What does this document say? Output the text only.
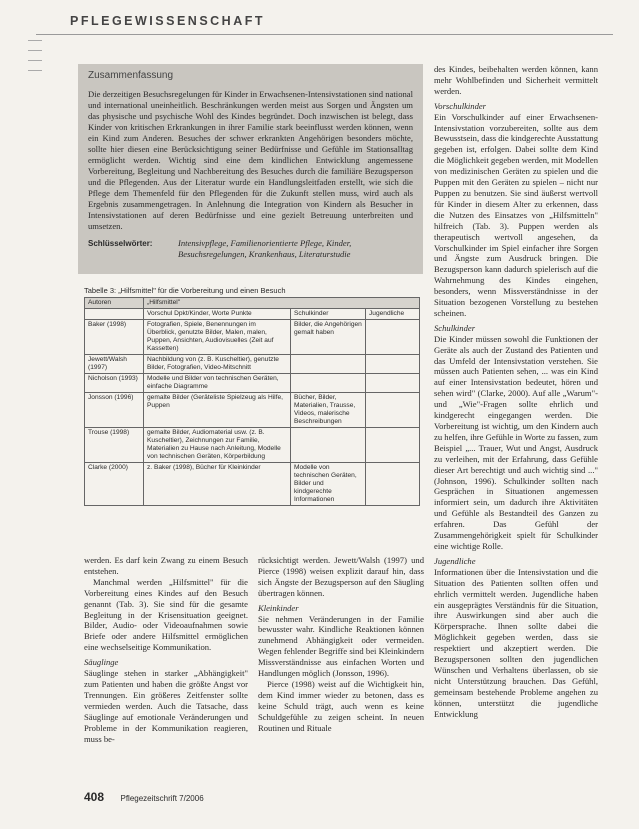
PFLEGEWISSENSCHAFT
Zusammenfassung

Die derzeitigen Besuchsregelungen für Kinder in Erwachsenen-Intensivstationen sind national und international uneinheitlich. Beschränkungen werden meist aus Sorgen und Ängsten um das physische und psychische Wohl des Kindes begründet. Doch inzwischen ist belegt, dass Kinder von kritischen Erkrankungen in ihrer Familie stark beeinflusst werden können, wenn ein Kind zum Anderen. Besuches der schwer erkrankten Angehörigen besonders möchte, sollte hier diesen eine Berücksichtigung seiner Bedürfnisse und Gefühle im Stationsalltag ermöglicht werden. Wichtig sind eine dem kindlichen Entwicklung angemessene Vorbereitung, Begleitung und Nachbereitung des Besuches durch die familiäre Bezugsperson und die Pflegenden. Aus der Literatur wurde ein Handlungsleitfaden erstellt, wie sich die Pflege dem Themenfeld für den Pflegenden für die Zukunft stellen muss, wird auch als Ergebnis zusammengetragen. In Anlehnung die Integration von Kindern als Besucher in Intensivstationen auf deren Bedürfnisse und eine gezielt Betreuung unterbreiten und umsetzen.

Schlüsselwörter:	Intensivpflege, Familienorientierte Pflege, Kinder, Besuchsregelungen, Krankenhaus, Literaturstudie
Tabelle 3: „Hilfsmittel" für die Vorbereitung und einen Besuch
Autoren	„Hilfsmittel"		
	Vorschul Dpkt/Kinder, Worte Punkte	Schulkinder	Jugendliche
Baker (1998)	Fotografien, Spiele, Benennungen im Überblick, genutzte Bilder, Malen, malen, Puppen, Ansichten, Audiovisuelles (Zeit auf Kassetten)	Bilder, die Angehörigen gemalt haben	
Jewett/Walsh (1997)	Nachbildung von (z. B. Kuscheltier), genutzte Bilder, Fotografien, Video-Mitschnitt		
Nicholson (1993)	Modelle und Bilder von technischen Geräten, einfache Diagramme		
Jonsson (1996)	gemalte Bilder (Geräteliste Spielzeug als Hilfe, Puppen	Bücher, Bilder, Materialien, Trausse, Videos, malerische Beschreibungen	
Trouse (1998)	gemalte Bilder, Audiomaterial usw. (z. B. Kuscheltier), Zeichnungen zur Familie, Materialien zu Hause nach Anleitung, Modelle von technischen Geräten, Körperbildung		
Clarke (2000)	z. Baker (1998), Bücher für Kleinkinder	Modelle von technischen Geräten, Bilder und kindgerechte Informationen	

werden. Es darf kein Zwang zu einem Besuch entstehen.

Manchmal werden „Hilfsmittel" für die Vorbereitung eines Kindes auf den Besuch genannt (Tab. 3). Sie sind für die gesamte Begleitung in der Krisensituation geeignet. Bilder, Audio- oder Videoaufnahmen sowie Briefe oder andere Hilfsmittel ermöglichen eine wechselseitige Kommunikation.

Säuglinge

Säuglinge stehen in starker „Abhängigkeit" zum Patienten und haben die größte Angst vor Trennungen. Ein größeres Zeitfenster sollte vermieden werden. Auch die Tatsache, dass Säuglinge auf emotionale Veränderungen und Probleme in der Kommunikation reagieren, muss be-

rücksichtigt werden. Jewett/Walsh (1997) und Pierce (1998) weisen explizit darauf hin, dass sich Ängste der Bezugsperson auf den Säugling übertragen können.

Kleinkinder

Sie nehmen Veränderungen in der Familie bewusster wahr. Kindliche Reaktionen können zunehmend Abhängigkeit oder vermeiden. Wegen fehlender Begriffe sind bei Kleinkindern Missverständnisse aus einfachen Worten und Handlungen möglich (Jonsson, 1996).

Pierce (1998) weist auf die Wichtigkeit hin, dem Kind immer wieder zu betonen, dass es keine Schuld trägt, auch wenn es keine Schuldgefühle zu zeigen scheint. In neuen Routinen und Rituale

des Kindes, beibehalten werden können, kann mehr Wohlbefinden und Sicherheit vermittelt werden.

Vorschulkinder

Ein Vorschulkinder auf einer Erwachsenen-Intensivstation vorzubereiten, sollte aus dem Bewusstsein, dass die kindgerechte Ausstattung gegeben ist, erfolgen. Dabei sollte dem Kind die Möglichkeit gegeben werden, mit Modellen von medizinischen Geräten zu spielen und die Puppen mit den Geräten zu spielen – nicht nur Puppen zu benutzen. Sie sind äußerst wertvoll für Kinder in diesem Alter zu erkennen, dass die Nutzen des Einsatzes von „Hilfsmitteln" hilfreich (Tab. 3). Puppen werden als therapeutisch wertvoll angesehen, da Vorschulkinder im Spiel einfacher ihre Sorgen und Ängste zum Ausdruck bringen. Die Bezugsperson kann dadurch spielerisch auf die Wahrnehmung des Kindes eingehen, besonders, wenn Missverständnisse in der Situation bezogenen Vorstellung zu bestehen scheinen.

Schulkinder

Die Kinder müssen sowohl die Funktionen der Geräte als auch der Zustand des Patienten und das Umfeld der Intensivstation verstehen. Sie müssen auch Patienten sehen, ... was ein Kind auf einer Intensivstation bedeutet, hören und sehen wird" (Clarke, 2000). Auf alle „Warum"- und „Wie"-Fragen sollte ehrlich und kindgerecht eingegangen werden. Die Vorbereitung ist wichtig, um den Kindern auch zu helfen, ihre Gefühle in Worte zu fassen, zum Beispiel „... Trauer, Wut und Angst, Ausdruck zu verleihen, mit der Erfahrung, dass Gefühle dieser Art berechtigt und auch wichtig sind ..." (Johnson, 1996). Schulkinder sollten nach Gesprächen in Situationen angemessen informiert sein, um dadurch ihre Aktivitäten und Gefühle als Bestandteil des Ganzen zu erfahren. Das Gefühl der Zusammengehörigkeit spielt für Schulkinder eine wichtige Rolle.

Jugendliche

Informationen über die Intensivstation und die Situation des Patienten sollten offen und ehrlich vermittelt werden. Jugendliche haben ein ausgeprägtes Verständnis für die Situation, ihre Auswirkungen sind aber auch die Körpersprache. Ihnen sollte dabei die Möglichkeit gegeben werden, dass sie respektiert und akzeptiert werden. Die Bezugspersonen sollten den jugendlichen Wünschen und Verhaltens überlassen, ob sie nicht Unterstützung brauchen. Das Gefühl, gemeinsam bestehende Probleme angehen zu können, unterstützt die jugendliche Entwicklung

408 Pflegezeitschrift 7/2006
